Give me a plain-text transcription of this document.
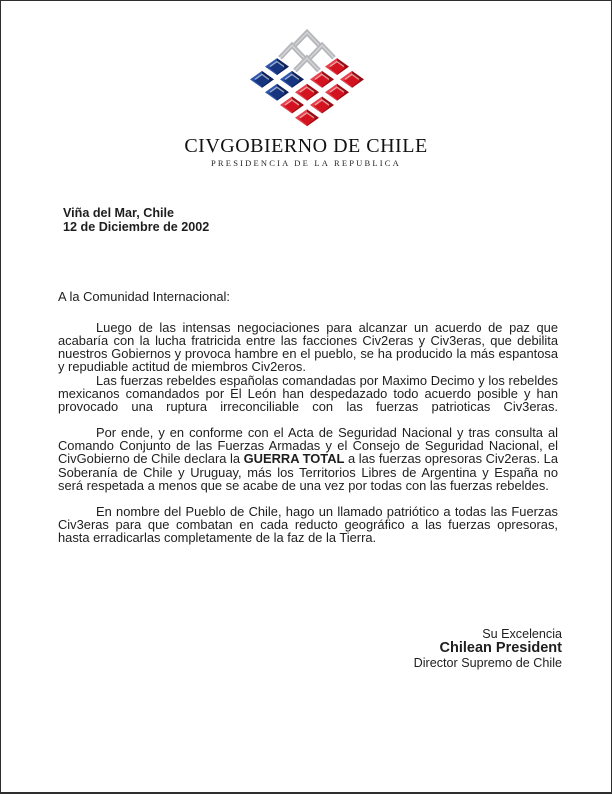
CIVGOBIERNO DE CHILE
PRESIDENCIA DE LA REPUBLICA
Viña del Mar, Chile
12 de Diciembre de 2002
A la Comunidad Internacional:

Luego de las intensas negociaciones para alcanzar un acuerdo de paz que acabaría con la lucha fratricida entre las facciones Civ2eras y Civ3eras, que debilita nuestros Gobiernos y provoca hambre en el pueblo, se ha producido la más espantosa y repudiable actitud de miembros Civ2eros.

Las fuerzas rebeldes españolas comandadas por Maximo Decimo y los rebeldes mexicanos comandados por El León han despedazado todo acuerdo posible y han provocado una ruptura irreconciliable con las fuerzas patrioticas Civ3eras.

Por ende, y en conforme con el Acta de Seguridad Nacional y tras consulta al Comando Conjunto de las Fuerzas Armadas y el Consejo de Seguridad Nacional, el CivGobierno de Chile declara la GUERRA TOTAL a las fuerzas opresoras Civ2eras. La Soberanía de Chile y Uruguay, más los Territorios Libres de Argentina y España no será respetada a menos que se acabe de una vez por todas con las fuerzas rebeldes.

En nombre del Pueblo de Chile, hago un llamado patriótico a todas las Fuerzas Civ3eras para que combatan en cada reducto geográfico a las fuerzas opresoras, hasta erradicarlas completamente de la faz de la Tierra.

Su Excelencia
Chilean President
Director Supremo de Chile
